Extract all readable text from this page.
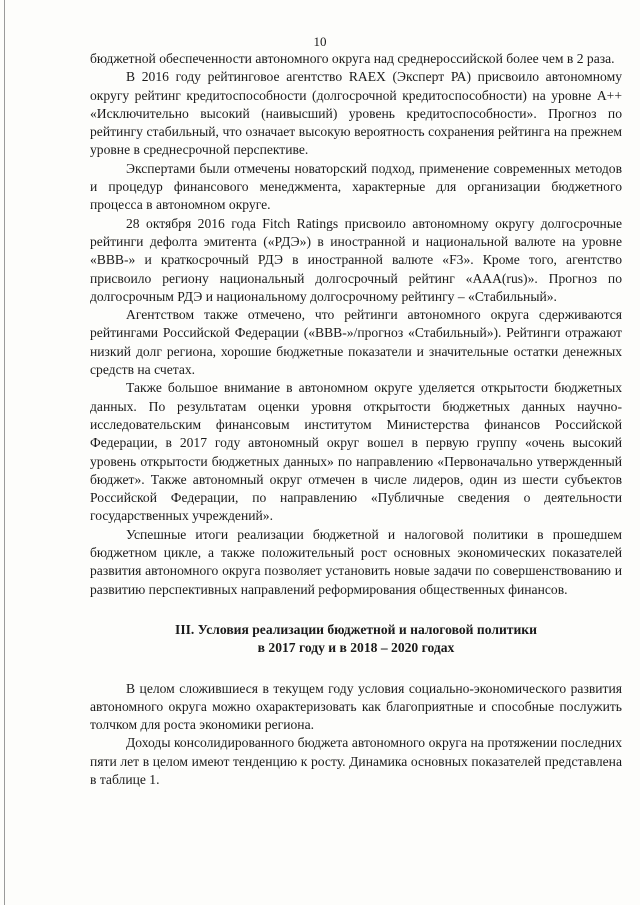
10

бюджетной обеспеченности автономного округа над среднероссийской более чем в 2 раза.

В 2016 году рейтинговое агентство RAEX (Эксперт РА) присвоило автономному округу рейтинг кредитоспособности (долгосрочной кредитоспособности) на уровне А++ «Исключительно высокий (наивысший) уровень кредитоспособности». Прогноз по рейтингу стабильный, что означает высокую вероятность сохранения рейтинга на прежнем уровне в среднесрочной перспективе.

Экспертами были отмечены новаторский подход, применение современных методов и процедур финансового менеджмента, характерные для организации бюджетного процесса в автономном округе.

28 октября 2016 года Fitch Ratings присвоило автономному округу долгосрочные рейтинги дефолта эмитента («РДЭ») в иностранной и национальной валюте на уровне «BBB-» и краткосрочный РДЭ в иностранной валюте «F3». Кроме того, агентство присвоило региону национальный долгосрочный рейтинг «ААА(rus)». Прогноз по долгосрочным РДЭ и национальному долгосрочному рейтингу – «Стабильный».

Агентством также отмечено, что рейтинги автономного округа сдерживаются рейтингами Российской Федерации («BBB-»/прогноз «Стабильный»). Рейтинги отражают низкий долг региона, хорошие бюджетные показатели и значительные остатки денежных средств на счетах.

Также большое внимание в автономном округе уделяется открытости бюджетных данных. По результатам оценки уровня открытости бюджетных данных научно-исследовательским финансовым институтом Министерства финансов Российской Федерации, в 2017 году автономный округ вошел в первую группу «очень высокий уровень открытости бюджетных данных» по направлению «Первоначально утвержденный бюджет». Также автономный округ отмечен в числе лидеров, один из шести субъектов Российской Федерации, по направлению «Публичные сведения о деятельности государственных учреждений».

Успешные итоги реализации бюджетной и налоговой политики в прошедшем бюджетном цикле, а также положительный рост основных экономических показателей развития автономного округа позволяет установить новые задачи по совершенствованию и развитию перспективных направлений реформирования общественных финансов.

III. Условия реализации бюджетной и налоговой политики
в 2017 году и в 2018 – 2020 годах

В целом сложившиеся в текущем году условия социально-экономического развития автономного округа можно охарактеризовать как благоприятные и способные послужить толчком для роста экономики региона.

Доходы консолидированного бюджета автономного округа на протяжении последних пяти лет в целом имеют тенденцию к росту. Динамика основных показателей представлена в таблице 1.
